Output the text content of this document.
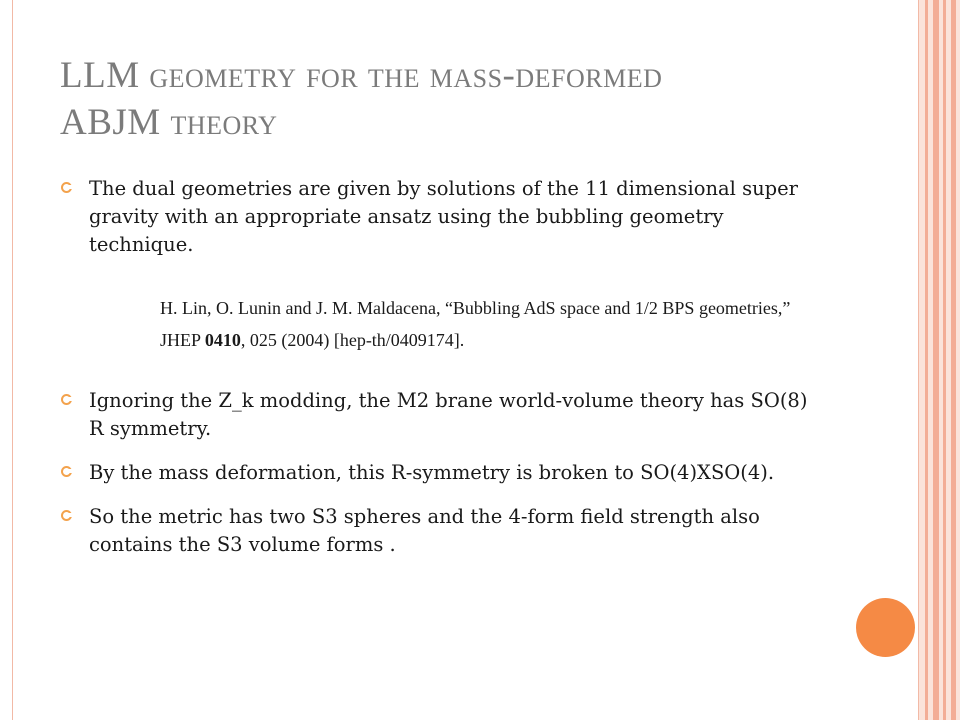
LLM geometry for the mass-deformed ABJM theory
The dual geometries are given by solutions of the 11 dimensional super gravity with an appropriate ansatz using the bubbling geometry technique.
Ignoring the Z_k modding, the M2 brane world-volume theory has SO(8) R symmetry.
By the mass deformation, this R-symmetry is broken to SO(4)XSO(4).
So the metric has two S3 spheres and the 4-form field strength also contains the S3 volume forms .
H. Lin, O. Lunin and J. M. Maldacena, “Bubbling AdS space and 1/2 BPS geometries,”
JHEP 0410, 025 (2004) [hep-th/0409174].
